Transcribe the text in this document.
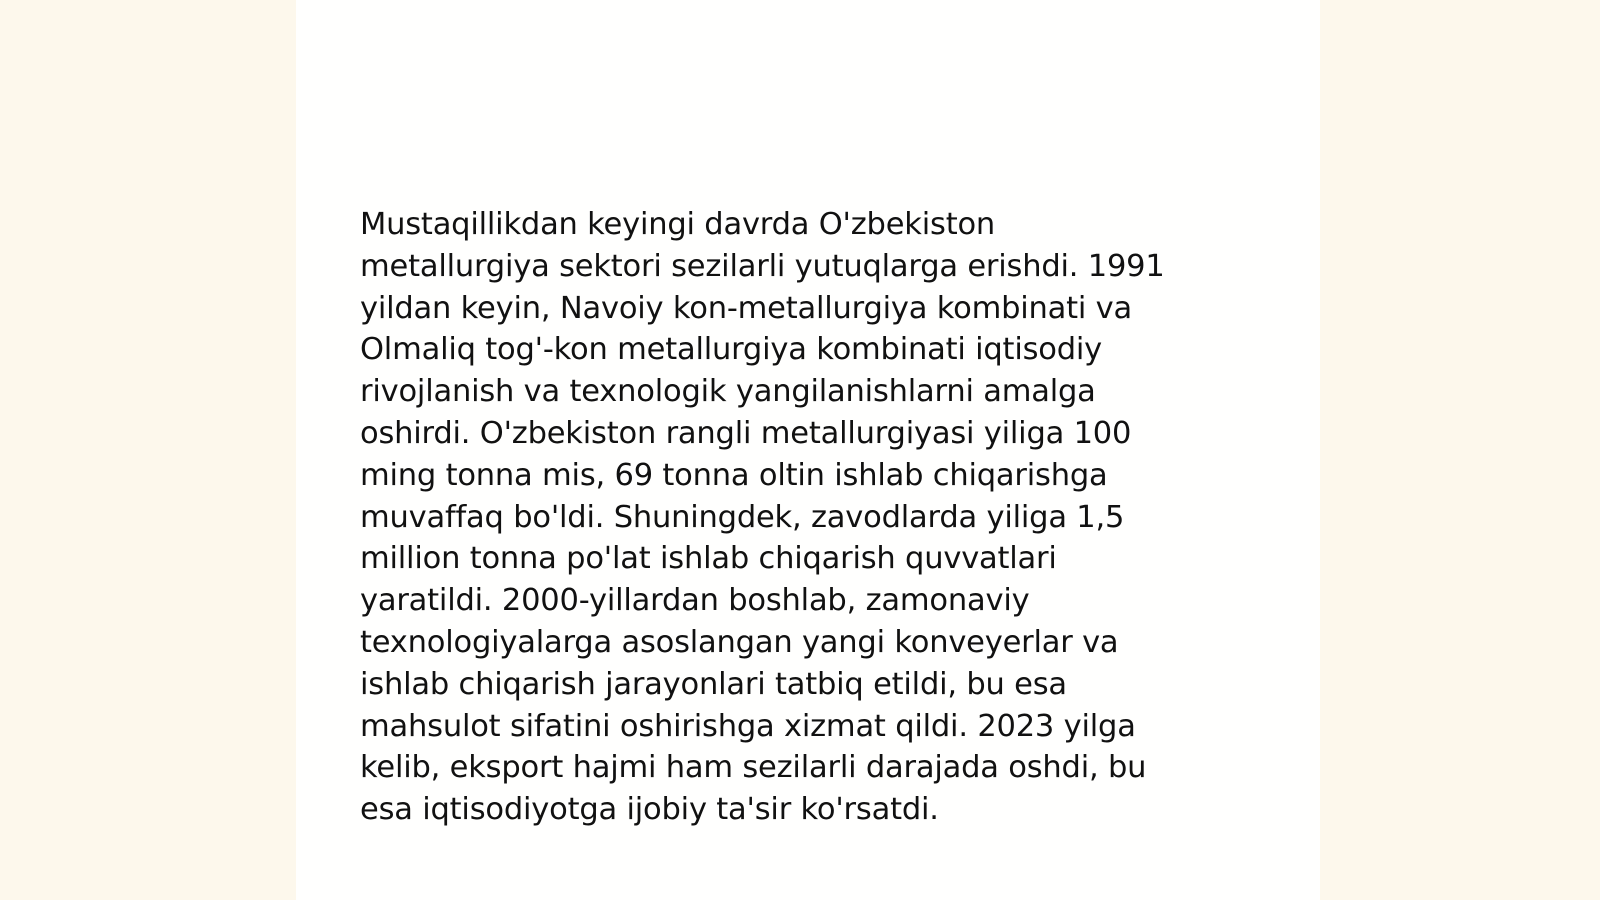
Mustaqillikdan keyingi davrda O'zbekiston
metallurgiya sektori sezilarli yutuqlarga erishdi. 1991
yildan keyin, Navoiy kon-metallurgiya kombinati va
Olmaliq tog'-kon metallurgiya kombinati iqtisodiy
rivojlanish va texnologik yangilanishlarni amalga
oshirdi. O'zbekiston rangli metallurgiyasi yiliga 100
ming tonna mis, 69 tonna oltin ishlab chiqarishga
muvaffaq bo'ldi. Shuningdek, zavodlarda yiliga 1,5
million tonna po'lat ishlab chiqarish quvvatlari
yaratildi. 2000-yillardan boshlab, zamonaviy
texnologiyalarga asoslangan yangi konveyerlar va
ishlab chiqarish jarayonlari tatbiq etildi, bu esa
mahsulot sifatini oshirishga xizmat qildi. 2023 yilga
kelib, eksport hajmi ham sezilarli darajada oshdi, bu
esa iqtisodiyotga ijobiy ta'sir ko'rsatdi.
